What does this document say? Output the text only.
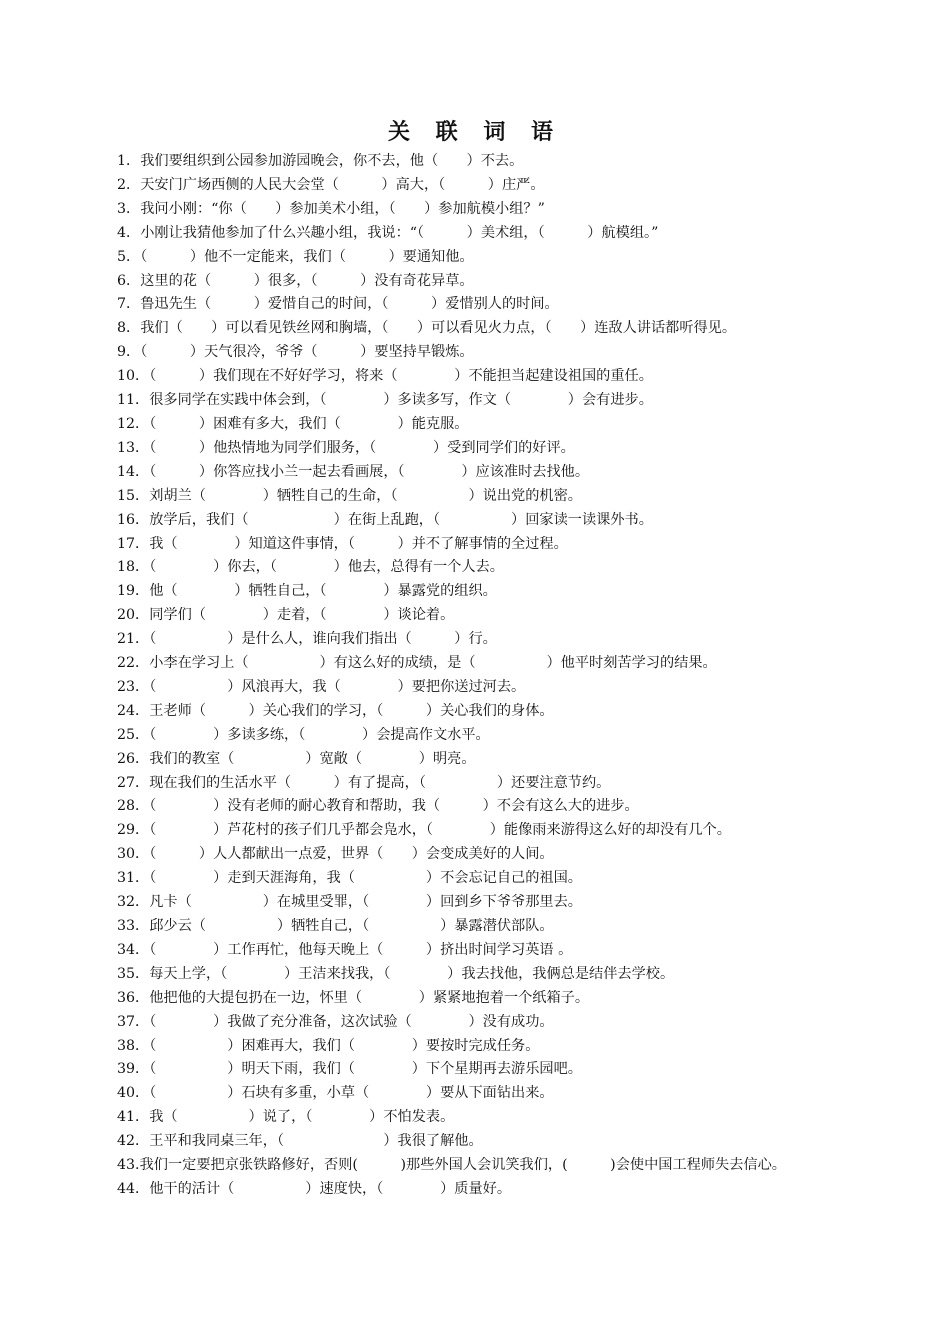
关 联 词 语
1．我们要组织到公园参加游园晚会，你不去，他（　　）不去。
2．天安门广场西侧的人民大会堂（　　　）高大，（　　　）庄严。
3．我问小刚：“你（　　）参加美术小组，（　　）参加航模小组？”
4．小刚让我猜他参加了什么兴趣小组，我说：“（　　　）美术组，（　　　）航模组。”
5．（　　　）他不一定能来，我们（　　　）要通知他。
6．这里的花（　　　）很多，（　　　）没有奇花异草。
7．鲁迅先生（　　　）爱惜自己的时间，（　　　）爱惜别人的时间。
8．我们（　　）可以看见铁丝网和胸墙，（　　）可以看见火力点，（　　）连敌人讲话都听得见。
9．（　　　）天气很冷，爷爷（　　　）要坚持早锻炼。
10．（　　　）我们现在不好好学习，将来（　　　　）不能担当起建设祖国的重任。
11．很多同学在实践中体会到，（　　　　）多读多写，作文（　　　　）会有进步。
12．（　　　）困难有多大，我们（　　　　）能克服。
13．（　　　）他热情地为同学们服务，（　　　　）受到同学们的好评。
14．（　　　）你答应找小兰一起去看画展，（　　　　）应该准时去找他。
15．刘胡兰（　　　　）牺牲自己的生命，（　　　　　）说出党的机密。
16．放学后，我们（　　　　　　）在街上乱跑，（　　　　　）回家读一读课外书。
17．我（　　　　）知道这件事情，（　　　）并不了解事情的全过程。
18．（　　　　）你去，（　　　　）他去，总得有一个人去。
19．他（　　　　）牺牲自己，（　　　　）暴露党的组织。
20．同学们（　　　　）走着，（　　　　）谈论着。
21．（　　　　　）是什么人，谁向我们指出（　　　）行。
22．小李在学习上（　　　　　）有这么好的成绩，是（　　　　　）他平时刻苦学习的结果。
23．（　　　　　）风浪再大，我（　　　　）要把你送过河去。
24．王老师（　　　）关心我们的学习，（　　　）关心我们的身体。
25．（　　　　）多读多练，（　　　　）会提高作文水平。
26．我们的教室（　　　　　）宽敞（　　　　）明亮。
27．现在我们的生活水平（　　　）有了提高，（　　　　　）还要注意节约。
28．（　　　　）没有老师的耐心教育和帮助，我（　　　）不会有这么大的进步。
29．（　　　　）芦花村的孩子们几乎都会凫水，（　　　　）能像雨来游得这么好的却没有几个。
30．（　　　）人人都献出一点爱，世界（　　）会变成美好的人间。
31．（　　　　）走到天涯海角，我（　　　　　）不会忘记自己的祖国。
32．凡卡（　　　　　）在城里受罪，（　　　　）回到乡下爷爷那里去。
33．邱少云（　　　　　）牺牲自己，（　　　　　）暴露潜伏部队。
34．（　　　　）工作再忙，他每天晚上（　　　）挤出时间学习英语 。
35．每天上学，（　　　　）王洁来找我，（　　　　）我去找他，我俩总是结伴去学校。
36．他把他的大提包扔在一边，怀里（　　　　）紧紧地抱着一个纸箱子。
37．（　　　　）我做了充分准备，这次试验（　　　　）没有成功。
38．（　　　　　）困难再大，我们（　　　　）要按时完成任务。
39．（　　　　　）明天下雨，我们（　　　　）下个星期再去游乐园吧。
40．（　　　　　）石块有多重，小草（　　　　）要从下面钻出来。
41．我（　　　　　）说了，（　　　　）不怕发表。
42．王平和我同桌三年，（　　　　　　　）我很了解他。
43.我们一定要把京张铁路修好，否则(　　　)那些外国人会讥笑我们，(　　　)会使中国工程师失去信心。
44．他干的活计（　　　　　）速度快，（　　　　）质量好。
